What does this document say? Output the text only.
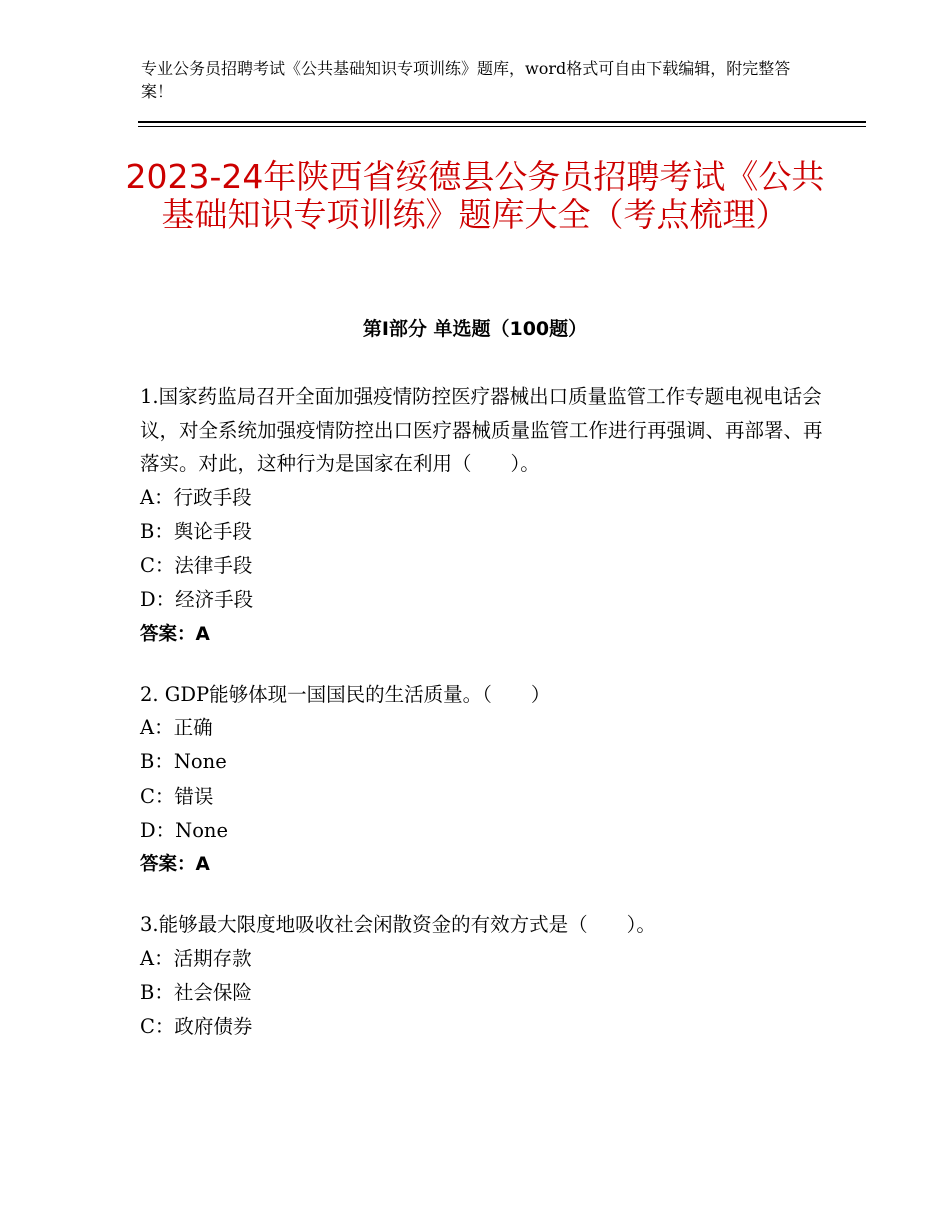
专业公务员招聘考试《公共基础知识专项训练》题库，word格式可自由下载编辑，附完整答案！
2023-24年陕西省绥德县公务员招聘考试《公共基础知识专项训练》题库大全（考点梳理）
第Ⅰ部分 单选题（100题）
1.国家药监局召开全面加强疫情防控医疗器械出口质量监管工作专题电视电话会议，对全系统加强疫情防控出口医疗器械质量监管工作进行再强调、再部署、再落实。对此，这种行为是国家在利用（　　）。
A：行政手段
B：舆论手段
C：法律手段
D：经济手段
答案：A
2. GDP能够体现一国国民的生活质量。（　　）
A：正确
B：None
C：错误
D：None
答案：A
3.能够最大限度地吸收社会闲散资金的有效方式是（　　）。
A：活期存款
B：社会保险
C：政府债券
